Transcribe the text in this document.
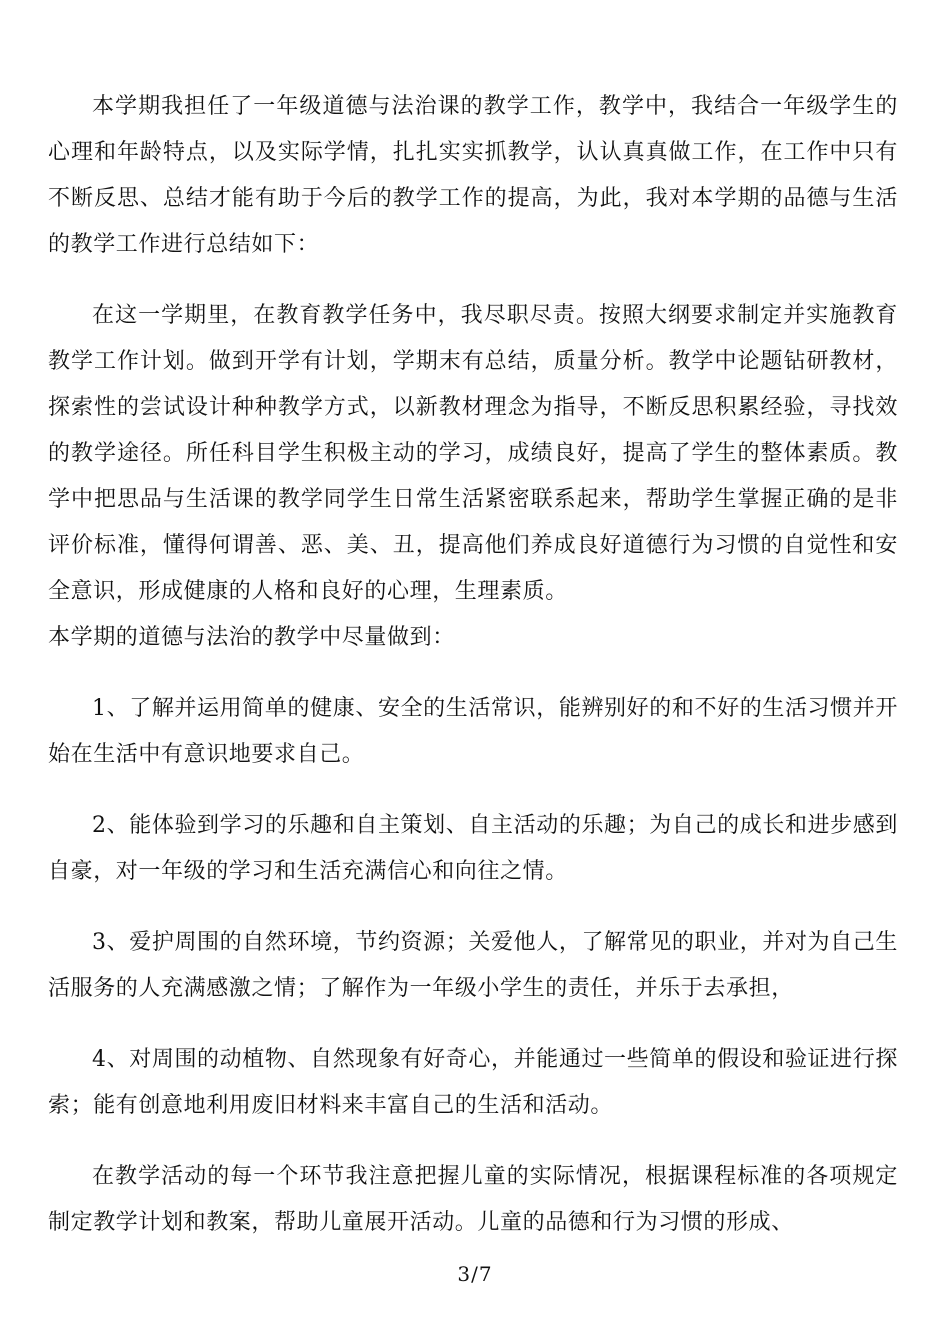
本学期我担任了一年级道德与法治课的教学工作，教学中，我结合一年级学生的心理和年龄特点，以及实际学情，扎扎实实抓教学，认认真真做工作，在工作中只有不断反思、总结才能有助于今后的教学工作的提高，为此，我对本学期的品德与生活的教学工作进行总结如下：

在这一学期里，在教育教学任务中，我尽职尽责。按照大纲要求制定并实施教育教学工作计划。做到开学有计划，学期末有总结，质量分析。教学中论题钻研教材，探索性的尝试设计种种教学方式，以新教材理念为指导，不断反思积累经验，寻找效的教学途径。所任科目学生积极主动的学习，成绩良好，提高了学生的整体素质。教学中把思品与生活课的教学同学生日常生活紧密联系起来，帮助学生掌握正确的是非评价标准，懂得何谓善、恶、美、丑，提高他们养成良好道德行为习惯的自觉性和安全意识，形成健康的人格和良好的心理，生理素质。

本学期的道德与法治的教学中尽量做到：

1、了解并运用简单的健康、安全的生活常识，能辨别好的和不好的生活习惯并开始在生活中有意识地要求自己。

2、能体验到学习的乐趣和自主策划、自主活动的乐趣；为自己的成长和进步感到自豪，对一年级的学习和生活充满信心和向往之情。

3、爱护周围的自然环境，节约资源；关爱他人，了解常见的职业，并对为自己生活服务的人充满感激之情；了解作为一年级小学生的责任，并乐于去承担，

4、对周围的动植物、自然现象有好奇心，并能通过一些简单的假设和验证进行探索；能有创意地利用废旧材料来丰富自己的生活和活动。

在教学活动的每一个环节我注意把握儿童的实际情况，根据课程标准的各项规定制定教学计划和教案，帮助儿童展开活动。儿童的品德和行为习惯的形成、

3/7
